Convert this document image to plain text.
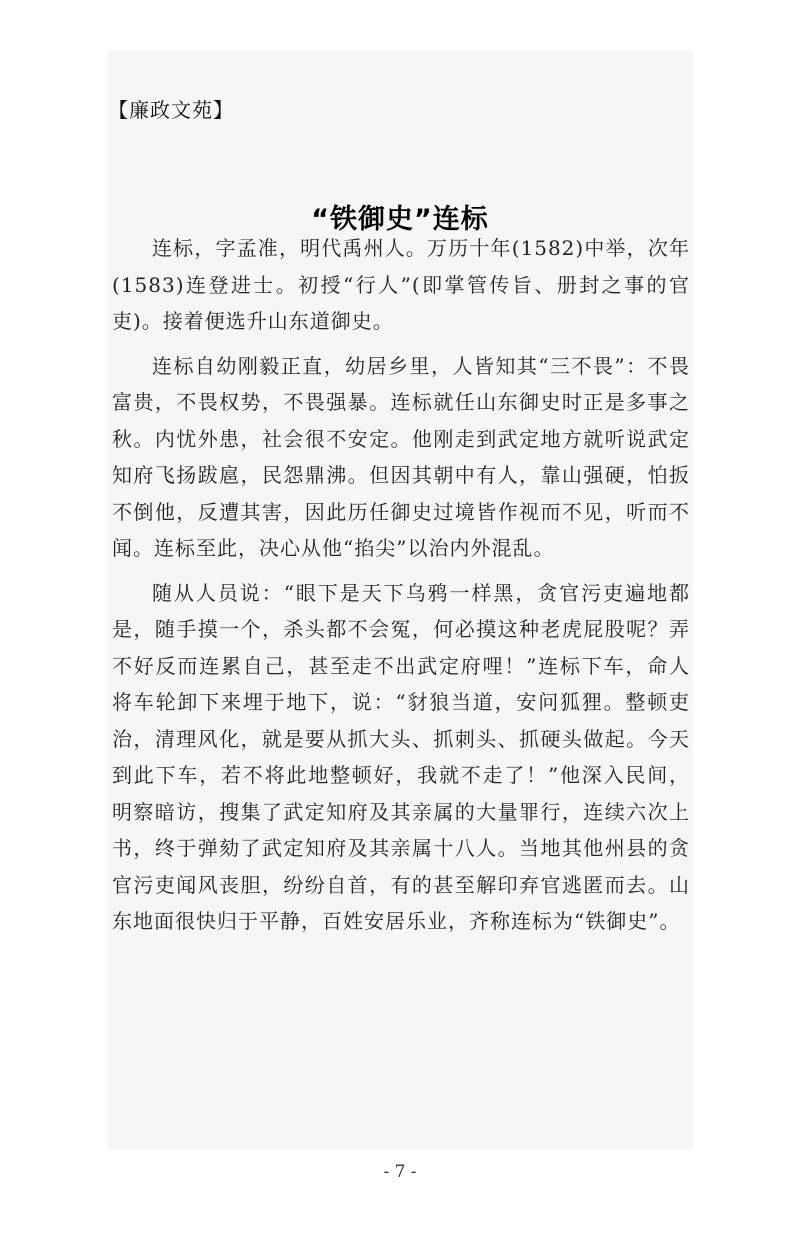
【廉政文苑】
“铁御史”连标

连标，字孟准，明代禹州人。万历十年(1582)中举，次年(1583)连登进士。初授“行人”(即掌管传旨、册封之事的官吏)。接着便选升山东道御史。

连标自幼刚毅正直，幼居乡里，人皆知其“三不畏”：不畏富贵，不畏权势，不畏强暴。连标就任山东御史时正是多事之秋。内忧外患，社会很不安定。他刚走到武定地方就听说武定知府飞扬跋扈，民怨鼎沸。但因其朝中有人，靠山强硬，怕扳不倒他，反遭其害，因此历任御史过境皆作视而不见，听而不闻。连标至此，决心从他“掐尖”以治内外混乱。

随从人员说：“眼下是天下乌鸦一样黑，贪官污吏遍地都是，随手摸一个，杀头都不会冤，何必摸这种老虎屁股呢？弄不好反而连累自己，甚至走不出武定府哩！”连标下车，命人将车轮卸下来埋于地下，说：“豺狼当道，安问狐狸。整顿吏治，清理风化，就是要从抓大头、抓刺头、抓硬头做起。今天到此下车，若不将此地整顿好，我就不走了！”他深入民间，明察暗访，搜集了武定知府及其亲属的大量罪行，连续六次上书，终于弹劾了武定知府及其亲属十八人。当地其他州县的贪官污吏闻风丧胆，纷纷自首，有的甚至解印弃官逃匿而去。山东地面很快归于平静，百姓安居乐业，齐称连标为“铁御史”。

- 7 -
